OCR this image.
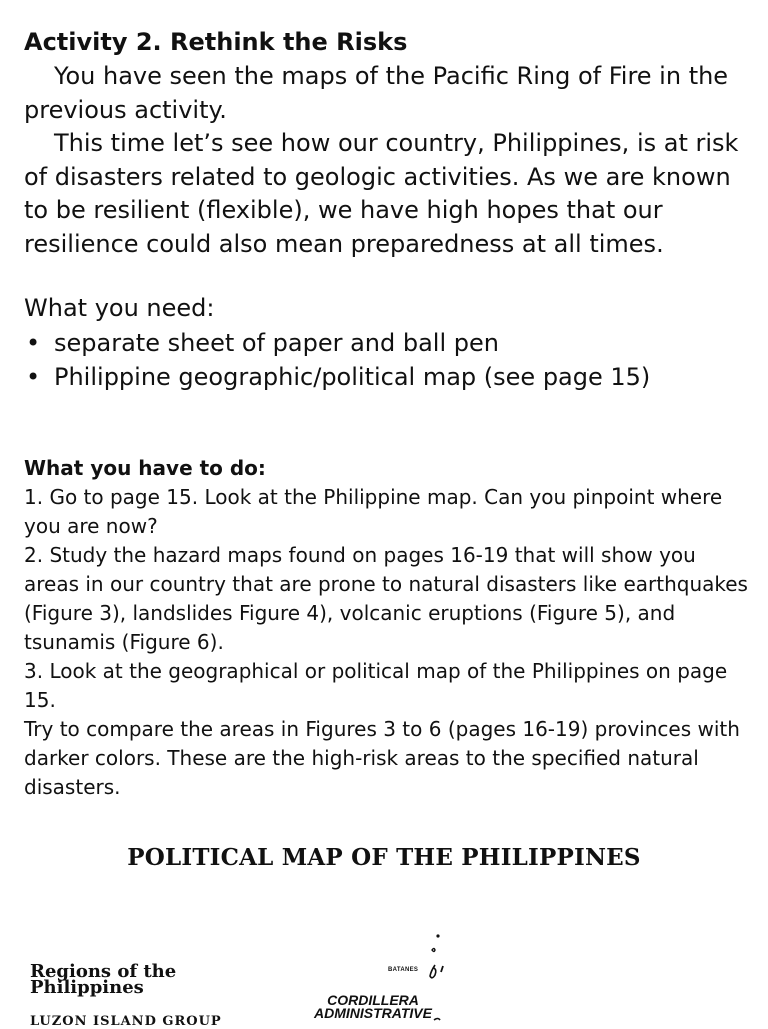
Activity 2. Rethink the Risks

You have seen the maps of the Pacific Ring of Fire in the previous activity.

This time let’s see how our country, Philippines, is at risk of disasters related to geologic activities. As we are known to be resilient (flexible), we have high hopes that our resilience could also mean preparedness at all times.

What you need:
• separate sheet of paper and ball pen
• Philippine geographic/political map (see page 15)
What you have to do:

1. Go to page 15. Look at the Philippine map. Can you pinpoint where you are now?

2. Study the hazard maps found on pages 16-19 that will show you areas in our country that are prone to natural disasters like earthquakes (Figure 3), landslides Figure 4), volcanic eruptions (Figure 5), and tsunamis (Figure 6).

3. Look at the geographical or political map of the Philippines on page 15.

Try to compare the areas in Figures 3 to 6 (pages 16-19) provinces with darker colors. These are the high-risk areas to the specified natural disasters.

POLITICAL MAP OF THE PHILIPPINES
Regions of the Philippines
LUZON ISLAND GROUP
BATANES
CORDILLERA ADMINISTRATIVE
